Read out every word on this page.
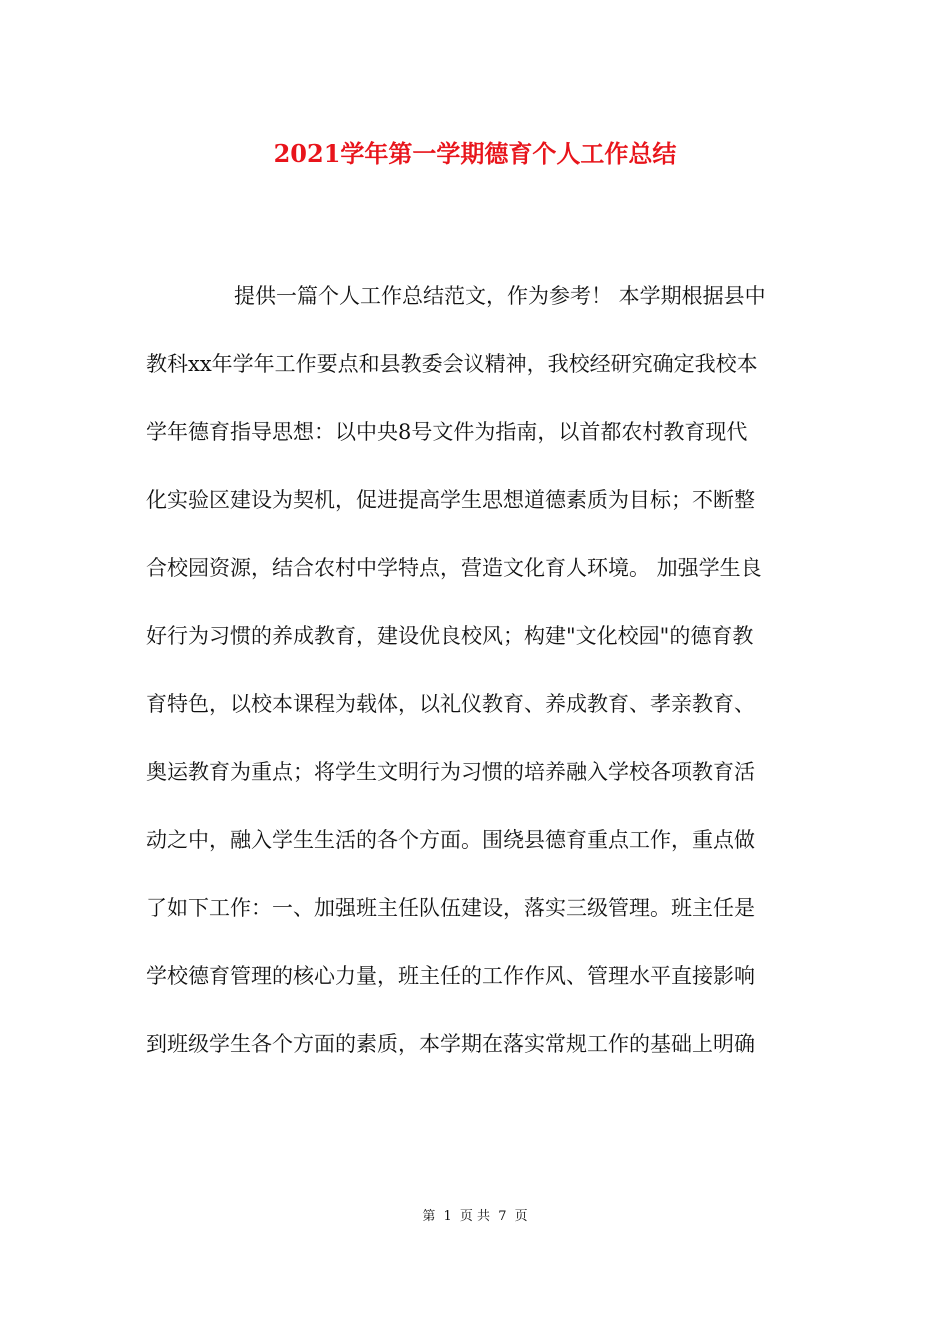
2021学年第一学期德育个人工作总结
提供一篇个人工作总结范文，作为参考！ 本学期根据县中
教科xx年学年工作要点和县教委会议精神，我校经研究确定我校本
学年德育指导思想：以中央8号文件为指南，以首都农村教育现代
化实验区建设为契机，促进提高学生思想道德素质为目标；不断整
合校园资源，结合农村中学特点，营造文化育人环境。 加强学生良
好行为习惯的养成教育，建设优良校风；构建"文化校园"的德育教
育特色，以校本课程为载体，以礼仪教育、养成教育、孝亲教育、
奥运教育为重点；将学生文明行为习惯的培养融入学校各项教育活
动之中，融入学生生活的各个方面。围绕县德育重点工作，重点做
了如下工作：一、加强班主任队伍建设，落实三级管理。班主任是
学校德育管理的核心力量，班主任的工作作风、管理水平直接影响
到班级学生各个方面的素质，本学期在落实常规工作的基础上明确
第 1 页 共 7 页
